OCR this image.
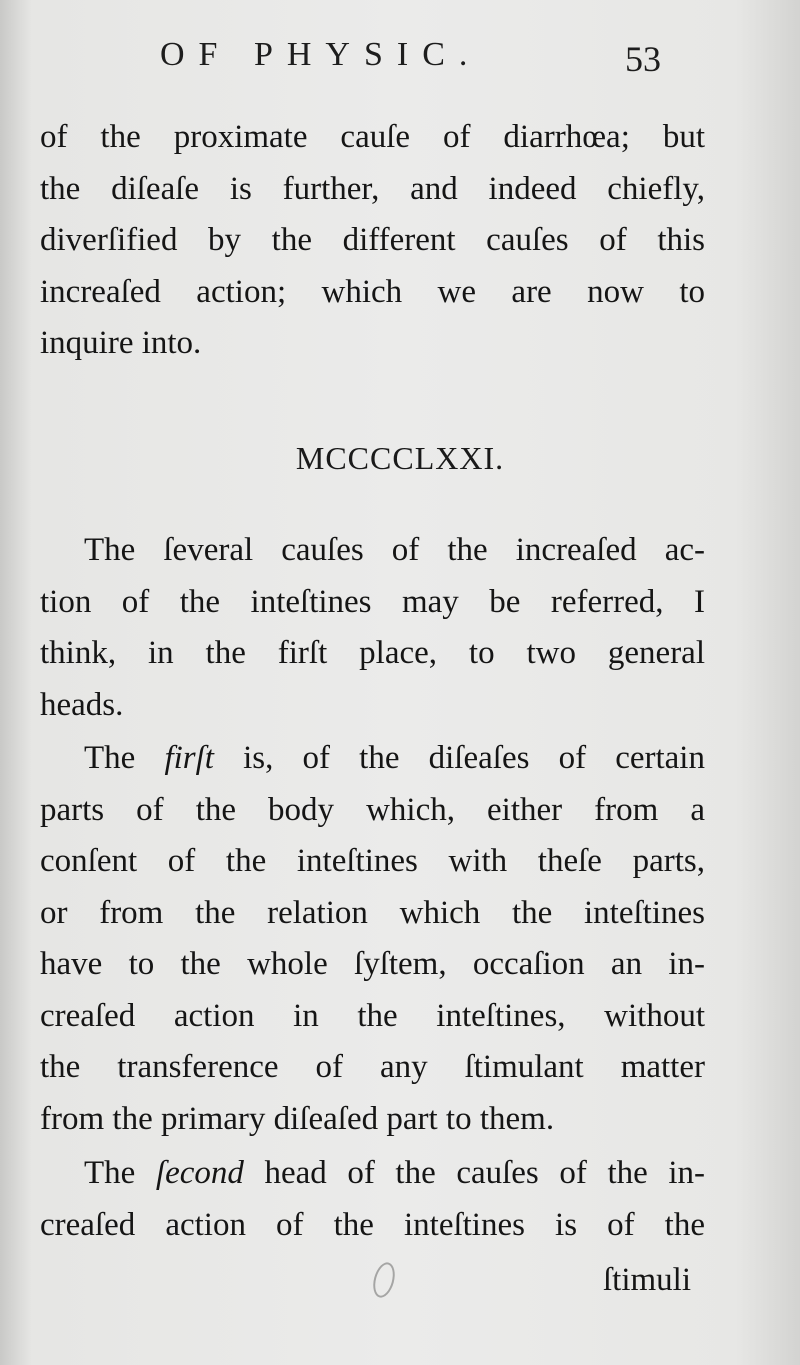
OF PHYSIC.	53
of the proximate cauſe of diarrhœa; but
the diſeaſe is further, and indeed chiefly,
diverſified by the different cauſes of this
increaſed action; which we are now to
inquire into.
MCCCCLXXI.
The ſeveral cauſes of the increaſed ac-
tion of the inteſtines may be referred, I
think, in the firſt place, to two general
heads.
The firſt is, of the diſeaſes of certain
parts of the body which, either from a
conſent of the inteſtines with theſe parts,
or from the relation which the inteſtines
have to the whole ſyſtem, occaſion an in-
creaſed action in the inteſtines, without
the transference of any ſtimulant matter
from the primary diſeaſed part to them.
The ſecond head of the cauſes of the in-
creaſed action of the inteſtines is of the
ſtimuli
